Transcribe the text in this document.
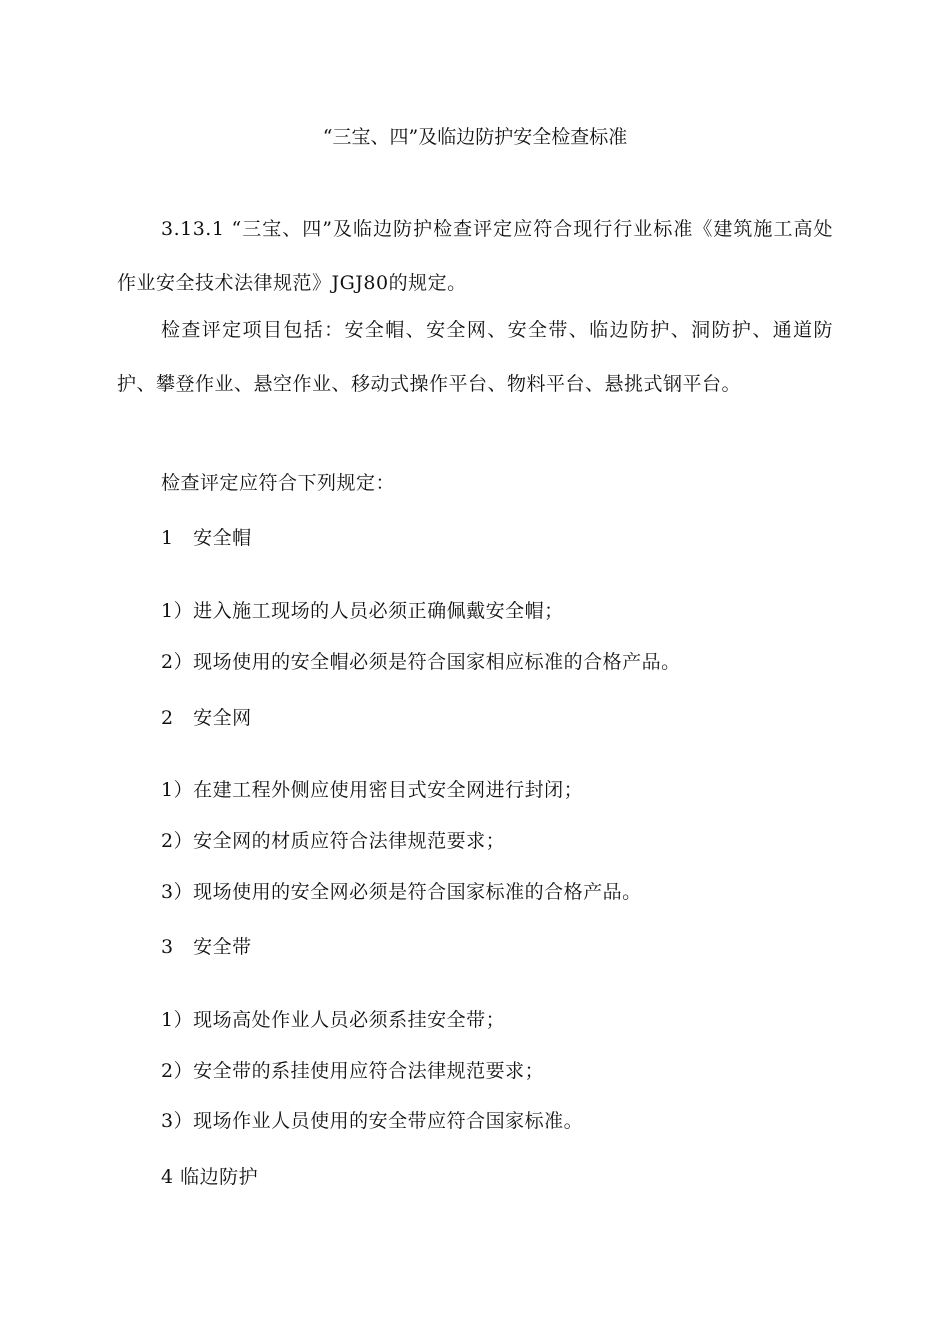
“三宝、四”及临边防护安全检查标准
3.13.1 “三宝、四”及临边防护检查评定应符合现行行业标准《建筑施工高处作业安全技术法律规范》JGJ80的规定。
检查评定项目包括：安全帽、安全网、安全带、临边防护、洞防护、通道防护、攀登作业、悬空作业、移动式操作平台、物料平台、悬挑式钢平台。
检查评定应符合下列规定：
1　安全帽
1）进入施工现场的人员必须正确佩戴安全帽；
2）现场使用的安全帽必须是符合国家相应标准的合格产品。
2　安全网
1）在建工程外侧应使用密目式安全网进行封闭；
2）安全网的材质应符合法律规范要求；
3）现场使用的安全网必须是符合国家标准的合格产品。
3　安全带
1）现场高处作业人员必须系挂安全带；
2）安全带的系挂使用应符合法律规范要求；
3）现场作业人员使用的安全带应符合国家标准。
4 临边防护
